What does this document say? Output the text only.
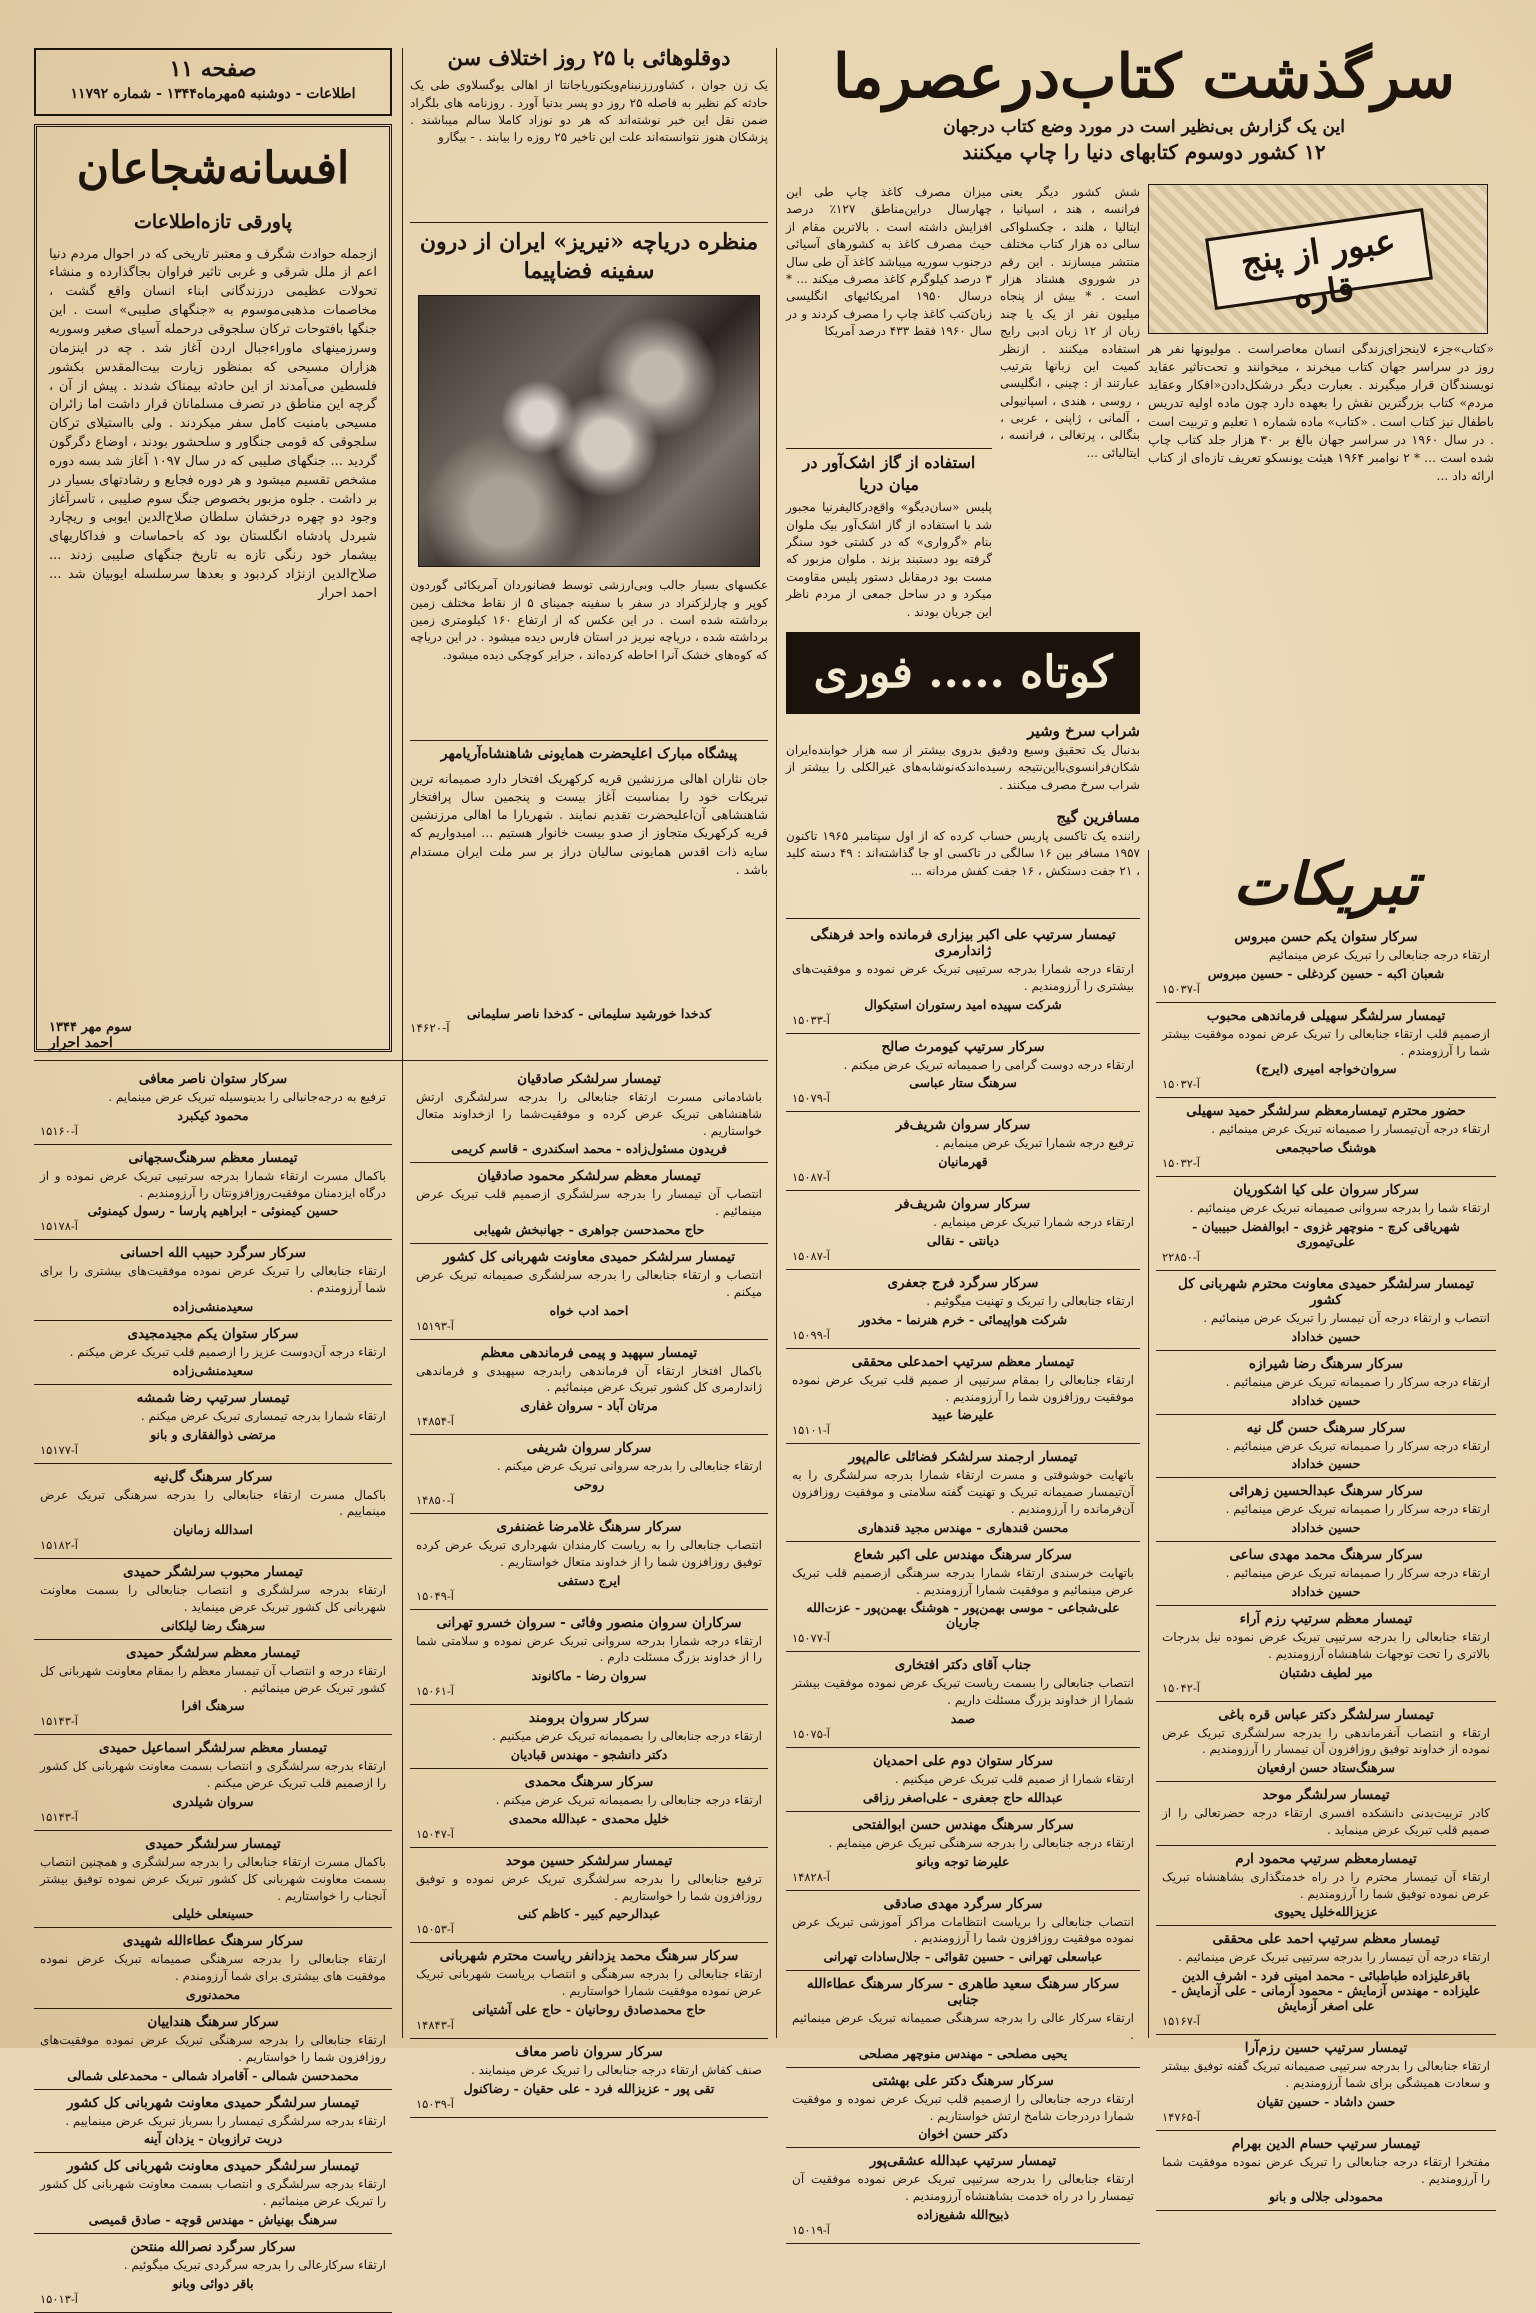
صفحه ۱۱
اطلاعات - دوشنبه ۵مهرماه۱۳۴۴ - شماره ۱۱۷۹۲
افسانه‌شجاعان
پاورقی تازه‌اطلاعات
ازجمله حوادث شگرف و معتبر تاریخی که در احوال مردم دنیا اعم از ملل شرقی و غربی تاثیر فراوان بجاگذارده و منشاء تحولات عظیمی درزندگانی ابناء انسان واقع گشت ، مخاصمات مذهبی‌موسوم به «جنگهای صلیبی» است . این جنگها بافتوحات ترکان سلجوقی درحمله آسیای صغیر وسوریه وسرزمینهای ماوراءجبال اردن آغاز شد . چه در اینزمان هزاران مسیحی که بمنظور زیارت بیت‌المقدس بکشور فلسطین می‌آمدند از این حادثه بیمناک شدند . پیش از آن ، گرچه این مناطق در تصرف مسلمانان قرار داشت اما زائران مسیحی بامنیت کامل سفر میکردند . ولی بااستیلای ترکان سلجوقی که قومی جنگاور و سلحشور بودند ، اوضاع دگرگون گردید ... جنگهای صلیبی که در سال ۱۰۹۷ آغاز شد بسه دوره مشخص تقسیم میشود و هر دوره فجایع و رشادتهای بسیار در بر داشت . جلوه مزبور بخصوص جنگ سوم صلیبی ، تاسرآغاز وجود دو چهره درخشان سلطان صلاح‌الدین ایوبی و ریچارد شیردل پادشاه انگلستان بود که باحماسات و فداکاریهای بیشمار خود رنگی تازه به تاریخ جنگهای صلیبی زدند ... صلاح‌الدین ازنژاد کردبود و بعدها سرسلسله ایوبیان شد ... احمد احرار
سوم مهر ۱۳۴۴
احمد احرار
دوقلوهائی با ۲۵ روز اختلاف سن
یک زن جوان ، کشاورززنبنام‌ویکتوریاجانتا از اهالی یوگسلاوی طی یک حادثه کم نظیر به فاصله ۲۵ روز دو پسر بدنیا آورد . روزنامه های بلگراد ضمن نقل این خبر نوشته‌اند که هر دو نوزاد کاملا سالم میباشند . پزشکان هنوز نتوانسته‌اند علت این تاخیر ۲۵ روزه را بیابند . - بیگارو
منظره دریاچه «نیریز» ایران از درون سفینه فضاپیما
عکسهای بسیار جالب وبی‌ارزشی توسط فضانوردان آمریکائی گوردون کوپر و چارلزکنراد در سفر با سفینه جمینای ۵ از نقاط مختلف زمین برداشته شده است . در این عکس که از ارتفاع ۱۶۰ کیلومتری زمین برداشته شده ، دریاچه نیریز در استان فارس دیده میشود . در این دریاچه که کوه‌های خشک آنرا احاطه کرده‌اند ، جزایر کوچکی دیده میشود.
پیشگاه مبارک اعلیحضرت همایونی شاهنشاه‌آریامهر
جان نثاران اهالی مرزنشین قریه کرکهریک افتخار دارد صمیمانه ترین تبریکات خود را بمناسبت آغاز بیست و پنجمین سال پرافتخار شاهنشاهی آن‌اعلیحضرت تقدیم نمایند . شهریارا ما اهالی مرزنشین قریه کرکهریک متجاوز از صدو بیست خانوار هستیم ... امیدواریم که سایه ذات اقدس همایونی سالیان دراز بر سر ملت ایران مستدام باشد .
کدخدا خورشید سلیمانی - کدخدا ناصر سلیمانی
آ-۱۴۶۲۰
سرگذشت کتاب‌درعصرما
این یک گزارش بی‌نظیر است در مورد وضع کتاب درجهان
۱۲ کشور دوسوم کتابهای دنیا را چاپ میکنند
عبور از پنج قاره
«کتاب»جزء لاینجزای‌زندگی انسان معاصراست . مولیونها نفر هر روز در سراسر جهان کتاب میخرند ، میخوانند و تحت‌تاثیر عقاید نویسندگان قرار میگیرند . بعبارت دیگر درشکل‌دادن«افکار وعقاید مردم» کتاب بزرگترین نقش را بعهده دارد چون ماده اولیه تدریس باطفال نیز کتاب است . «کتاب» ماده شماره ۱ تعلیم و تربیت است . در سال ۱۹۶۰ در سراسر جهان بالغ بر ۳۰ هزار جلد کتاب چاپ شده است ... * ۲ نوامبر ۱۹۶۴ هیئت یونسکو تعریف تازه‌ای از کتاب ارائه داد ...
شش کشور دیگر یعنی فرانسه ، هند ، اسپانیا ، ایتالیا ، هلند ، چکسلواکی سالی ده هزار کتاب مختلف منتشر میسازند . این رقم در شوروی هشتاد هزار است . * بیش از پنجاه میلیون نفر از یک یا چند زبان از ۱۲ زبان ادبی رایج استفاده میکنند . ازنظر کمیت این زبانها بترتیب عبارتند از : چینی ، انگلیسی ، روسی ، هندی ، اسپانیولی ، آلمانی ، ژاپنی ، عربی ، بنگالی ، پرتغالی ، فرانسه ، ایتالیائی ...
میزان مصرف کاغذ چاپ طی این چهارسال دراین‌مناطق ۱۲۷٪ درصد افزایش داشته است . بالاترین مقام از حیث مصرف کاغذ به کشورهای آسیائی درجنوب سوریه میباشد کاغذ آن طی سال ۳ درصد کیلوگرم کاغذ مصرف میکند ... * درسال ۱۹۵۰ امریکائیهای انگلیسی زبان‌کتب کاغذ چاپ را مصرف کردند و در سال ۱۹۶۰ فقط ۴۳۳ درصد آمریکا
استفاده از گاز اشک‌آور در میان دریا
پلیس «سان‌دیگو» واقع‌درکالیفرنیا مجبور شد با استفاده از گاز اشک‌آور بیک ملوان بنام «گرواری» که در کشتی خود سنگر گرفته بود دستبند بزند . ملوان مزبور که مست بود درمقابل دستور پلیس مقاومت میکرد و در ساحل جمعی از مردم ناظر این جریان بودند .
کوتاه ..... فوری .....	شراب سرخ وشیر
بدنبال یک تحقیق وسیع ودقیق بدروی بیشتر از سه هزار خوابنده‌ایران شکان‌فرانسوی‌بااین‌نتیجه رسیده‌اندکه‌نوشابه‌های غیرالکلی را بیشتر از شراب سرخ مصرف میکنند .
مسافرین گیج
راننده یک تاکسی پاریس حساب کرده که از اول سپتامبر ۱۹۶۵ تاکنون ۱۹۵۷ مسافر بین ۱۶ سالگی در تاکسی او جا گذاشته‌اند : ۴۹ دسته کلید ، ۲۱ جفت دستکش ، ۱۶ جفت کفش مردانه ...	تبریکات
سرکار ستوان ناصر معافی

ترفیع به درجه‌جانبالی را بدینوسیله تبریک عرض مینمایم .

محمود کیکبرد
آ-۱۵۱۶۰
تیمسار معظم سرهنگ‌سجهانی

باکمال مسرت ارتقاء شمارا بدرجه سرتیپی تبریک عرض نموده و از درگاه ایزدمنان موفقیت‌روزافزونتان را آرزومندیم .

حسین کیمنوئی - ابراهیم پارسا - رسول کیمنوئی
آ-۱۵۱۷۸
سرکار سرگرد حبیب الله احسانی

ارتقاء جنابعالی را تبریک عرض نموده موفقیت‌های بیشتری را برای شما آرزومندم .

سعیدمنشی‌زاده
سرکار ستوان یکم مجیدمجیدی

ارتقاء درجه آن‌دوست عزیز را ازصمیم قلب تبریک عرض میکنم .

سعیدمنشی‌زاده
تیمسار سرتیپ رضا شمشه

ارتقاء شمارا بدرجه تیمساری تبریک عرض میکنم .

مرتضی ذوالفقاری و بانو
آ-۱۵۱۷۷
سرکار سرهنگ گل‌نیه

باکمال مسرت ارتقاء جنابعالی را بدرجه سرهنگی تبریک عرض مینماییم .

اسدالله زمانیان
آ-۱۵۱۸۲
تیمسار محبوب سرلشگر حمیدی

ارتقاء بدرجه سرلشگری و انتصاب جنابعالی را بسمت معاونت شهربانی کل کشور تبریک عرض مینماید .

سرهنگ رضا لیلکانی
تیمسار معظم سرلشگر حمیدی

ارتقاء درجه و انتصاب آن تیمسار معظم را بمقام معاونت شهربانی کل کشور تبریک عرض مینمائیم .

سرهنگ افرا
آ-۱۵۱۴۳
تیمسار معظم سرلشگر اسماعیل حمیدی

ارتقاء بدرجه سرلشگری و انتصاب بسمت معاونت شهربانی کل کشور را ازصمیم قلب تبریک عرض میکنم .

سروان شیلدری
آ-۱۵۱۴۳
تیمسار سرلشگر حمیدی

باکمال مسرت ارتقاء جنابعالی را بدرجه سرلشگری و همچنین انتصاب بسمت معاونت شهربانی کل کشور تبریک عرض نموده توفیق بیشتر آنجناب را خواستاریم .

حسینعلی خلیلی
سرکار سرهنگ عطاءالله شهیدی

ارتقاء جنابعالی را بدرجه سرهنگی صمیمانه تبریک عرض نموده موفقیت های بیشتری برای شما آرزومندم .

محمدنوری
سرکار سرهنگ هنداییان

ارتقاء جنابعالی را بدرجه سرهنگی تبریک عرض نموده موفقیت‌های روزافزون شما را خواستاریم .

محمدحسن شمالی - آقامراد شمالی - محمدعلی شمالی
تیمسار سرلشگر حمیدی معاونت شهربانی کل کشور

ارتقاء بدرجه سرلشگری تیمسار را بسرباز تبریک عرض مینماییم .

دربت ترازوبان - یزدان آینه
تیمسار سرلشگر حمیدی معاونت شهربانی کل کشور

ارتقاء بدرجه سرلشگری و انتصاب بسمت معاونت شهربانی کل کشور را تبریک عرض مینمائیم .

سرهنگ بهنیاش - مهندس قوچه - صادق قمیصی
سرکار سرگرد نصرالله منتحن

ارتقاء سرکارعالی را بدرجه سرگردی تبریک میگوئیم .

باقر دوائی وبانو
آ-۱۵۰۱۳
تیمسار سرلشکر صادقیان

باشادمانی مسرت ارتقاء جنابعالی را بدرجه سرلشگری ارتش شاهنشاهی تبریک عرض کرده و موفقیت‌شما را ازخداوند متعال خواستاریم .

فریدون مسئول‌زاده - محمد اسکندری - قاسم کریمی
تیمسار معظم سرلشکر محمود صادقیان

انتصاب آن تیمسار را بدرجه سرلشگری ازصمیم قلب تبریک عرض مینمائیم .

حاج محمدحسن جواهری - جهانبخش شهیابی
تیمسار سرلشکر حمیدی معاونت شهربانی کل کشور

انتصاب و ارتقاء جنابعالی را بدرجه سرلشگری صمیمانه تبریک عرض میکنم .

احمد ادب خواه
آ-۱۵۱۹۳
تیمسار سپهبد و پیمی فرماندهی معظم

باکمال افتخار ارتقاء آن فرماندهی رابدرجه سپهبدی و فرماندهی ژاندارمری کل کشور تبریک عرض مینمائیم .

مرتان آباد - سروان غفاری
آ-۱۴۸۵۴
سرکار سروان شریفی

ارتقاء جنابعالی را بدرجه سروانی تبریک عرض میکنم .

روحی
آ-۱۴۸۵۰
سرکار سرهنگ غلامرضا غضنفری

انتصاب جنابعالی را به ریاست کارمندان شهرداری تبریک عرض کرده توفیق روزافزون شما را از خداوند متعال خواستاریم .

ایرج دستفی
آ-۱۵۰۴۹
سرکاران سروان منصور وفائی - سروان خسرو تهرانی

ارتقاء درجه شمارا بدرجه سروانی تبریک عرض نموده و سلامتی شما را از خداوند بزرگ مسئلت دارم .

سروان رضا - ماکانوند
آ-۱۵۰۶۱
سرکار سروان برومند

ارتقاء درجه جنابعالی را بصمیمانه تبریک عرض میکنیم .

دکتر دانشجو - مهندس قبادیان
سرکار سرهنگ محمدی

ارتقاء درجه جنابعالی را بصمیمانه تبریک عرض میکنم .

خلیل محمدی - عبدالله محمدی
آ-۱۵۰۴۷
تیمسار سرلشکر حسین موحد

ترفیع جنابعالی را بدرجه سرلشگری تبریک عرض نموده و توفیق روزافزون شما را خواستاریم .

عبدالرحیم کبیر - کاظم کنی
آ-۱۵۰۵۳
سرکار سرهنگ محمد یزدانفر ریاست محترم شهربانی

ارتقاء جنابعالی را بدرجه سرهنگی و انتصاب بریاست شهربانی تبریک عرض نموده موفقیت شمارا خواستاریم .

حاج محمدصادق روحانیان - حاج علی آشتیانی
آ-۱۴۸۴۳
سرکار سروان ناصر معاف

صنف کفاش ارتقاء درجه جنابعالی را تبریک عرض مینمایند .

تقی پور - عزیزالله فرد - علی حقیان - رضاکنول
آ-۱۵۰۳۹
تیمسار سرتیپ علی اکبر بیزاری فرمانده واحد فرهنگی ژاندارمری

ارتقاء درجه شمارا بدرجه سرتیپی تبریک عرض نموده و موفقیت‌های بیشتری را آرزومندیم .

شرکت سپیده امید رستوران استیکوال
آ-۱۵۰۳۳
سرکار سرتیپ کیومرث صالح

ارتقاء درجه دوست گرامی را صمیمانه تبریک عرض میکنم .

سرهنگ ستار عباسی
آ-۱۵۰۷۹
سرکار سروان شریف‌فر

ترفیع درجه شمارا تبریک عرض مینمایم .

قهرمانیان
آ-۱۵۰۸۷
سرکار سروان شریف‌فر

ارتقاء درجه شمارا تبریک عرض مینمایم .

دیانتی - نقالی
آ-۱۵۰۸۷
سرکار سرگرد فرج جعفری

ارتقاء جنابعالی را تبریک و تهنیت میگوئیم .

شرکت هواپیمائی - خرم هنرنما - مخدور
آ-۱۵۰۹۹
تیمسار معظم سرتیپ احمدعلی محققی

ارتقاء جنابعالی را بمقام سرتیپی از صمیم قلب تبریک عرض نموده موفقیت روزافزون شما را آرزومندیم .

علیرضا عبید
آ-۱۵۱۰۱
تیمسار ارجمند سرلشکر فضائلی عالم‌پور

باتهایت خوشوقتی و مسرت ارتقاء شمارا بدرجه سرلشگری را به آن‌تیمسار صمیمانه تبریک و تهنیت گفته سلامتی و موفقیت روزافزون آن‌فرمانده را آرزومندیم .

محسن قندهاری - مهندس مجید قندهاری
سرکار سرهنگ مهندس علی اکبر شعاع

باتهایت خرسندی ارتقاء شمارا بدرجه سرهنگی ازصمیم قلب تبریک عرض مینمائیم و موفقیت شمارا آرزومندیم .

علی‌شجاعی - موسی بهمن‌پور - هوشنگ بهمن‌پور - عزت‌الله جاریان
آ-۱۵۰۷۷
جناب آقای دکتر افتخاری

انتصاب جنابعالی را بسمت ریاست تبریک عرض نموده موفقیت بیشتر شمارا از خداوند بزرگ مسئلت داریم .

صمد
آ-۱۵۰۷۵
سرکار ستوان دوم علی احمدیان

ارتقاء شمارا از صمیم قلب تبریک عرض میکنیم .

عبدالله حاج جعفری - علی‌اصغر رزاقی
سرکار سرهنگ مهندس حسن ابوالفتحی

ارتقاء درجه جنابعالی را بدرجه سرهنگی تبریک عرض مینمایم .

علیرضا توجه وبانو
آ-۱۴۸۲۸
سرکار سرگرد مهدی صادقی

انتصاب جنابعالی را بریاست انتظامات مراکز آموزشی تبریک عرض نموده موفقیت روزافزون شما را آرزومندیم .

عباسعلی تهرانی - حسین تقوائی - جلال‌سادات تهرانی
سرکار سرهنگ سعید طاهری - سرکار سرهنگ عطاءالله جنابی

ارتقاء سرکار عالی را بدرجه سرهنگی صمیمانه تبریک عرض مینمائیم .

یحیی مصلحی - مهندس منوچهر مصلحی
سرکار سرهنگ دکتر علی بهشتی

ارتقاء درجه جنابعالی را ازصمیم قلب تبریک عرض نموده و موفقیت شمارا دردرجات شامخ ارتش خواستاریم .

دکتر حسن اخوان
تیمسار سرتیپ عبدالله عشقی‌پور

ارتقاء جنابعالی را بدرجه سرتیپی تبریک عرض نموده موفقیت آن تیمسار را در راه خدمت بشاهنشاه آرزومندیم .

ذبیح‌الله شفیع‌زاده
آ-۱۵۰۱۹
سرکار ستوان یکم حسن مبروس

ارتقاء درجه جنابعالی را تبریک عرض مینمائیم

شعبان اکبه - حسین کردغلی - حسین مبروس
آ-۱۵۰۳۷
تیمسار سرلشگر سهیلی فرماندهی محبوب

ازصمیم قلب ارتقاء جنابعالی را تبریک عرض نموده موفقیت بیشتر شما را آرزومندم .

سروان‌خواجه امیری (ایرج)
آ-۱۵۰۳۷
حضور محترم تیمسارمعظم سرلشگر حمید سهیلی

ارتقاء درجه آن‌تیمسار را صمیمانه تبریک عرض مینمائیم .

هوشنگ صاحبجمعی
آ-۱۵۰۳۲
سرکار سروان علی کیا اشکوریان

ارتقاء شما را بدرجه سروانی صمیمانه تبریک عرض مینمائیم .

شهریاقی کرچ - منوچهر غزوی - ابوالفضل حبیبیان - علی‌تیموری
آ-۲۲۸۵۰
تیمسار سرلشگر حمیدی معاونت محترم شهربانی کل کشور

انتصاب و ارتقاء درجه آن تیمسار را تبریک عرض مینمائیم .

حسین خداداد
سرکار سرهنگ رضا شیرازه

ارتقاء درجه سرکار را صمیمانه تبریک عرض مینمائیم .

حسین خداداد
سرکار سرهنگ حسن گل نیه

ارتقاء درجه سرکار را صمیمانه تبریک عرض مینمائیم .

حسین خداداد
سرکار سرهنگ عبدالحسین زهرائی

ارتقاء درجه سرکار را صمیمانه تبریک عرض مینمائیم .

حسین خداداد
سرکار سرهنگ محمد مهدی ساعی

ارتقاء درجه سرکار را صمیمانه تبریک عرض مینمائیم .

حسین خداداد
تیمسار معظم سرتیپ رزم آراء

ارتقاء جنابعالی را بدرجه سرتیپی تبریک عرض نموده نیل بدرجات بالاتری را تحت توجهات شاهنشاه آرزومندیم .

میر لطیف دشتبان
آ-۱۵۰۴۲
تیمسار سرلشگر دکتر عباس قره باغی

ارتقاء و انتصاب آنفرماندهی را بدرجه سرلشگری تبریک عرض نموده از خداوند توفیق روزافزون آن تیمسار را آرزومندیم .

سرهنگ‌ستاد حسن ارفعیان
تیمسار سرلشگر موحد

کادر تربیت‌بدنی دانشکده افسری ارتقاء درجه حضرتعالی را از صمیم قلب تبریک عرض مینماید .

تیمسارمعظم سرتیپ محمود ارم

ارتقاء آن تیمسار محترم را در راه خدمتگذاری بشاهنشاه تبریک عرض نموده توفیق شما را آرزومندیم .

عزیزالله‌خلیل یحیوی
تیمسار معظم سرتیپ احمد علی محققی

ارتقاء درجه آن تیمسار را بدرجه سرتیپی تبریک عرض مینمائیم .

باقرعلیزاده طباطبائی - محمد امینی فرد - اشرف الدین علیزاده - مهندس آزمایش - محمود آرمانی - علی آزمایش - علی اصغر آزمایش
آ-۱۵۱۶۷
تیمسار سرتیپ حسین رزم‌آرا

ارتقاء جنابعالی را بدرجه سرتیپی صمیمانه تبریک گفته توفیق بیشتر و سعادت همیشگی برای شما آرزومندیم .

حسن داشاد - حسین تقیان
آ-۱۴۷۶۵
تیمسار سرتیپ حسام الدین بهرام

مفتخرا ارتقاء درجه جنابعالی را تبریک عرض نموده موفقیت شما را آرزومندیم .

محمودلی جلالی و بانو
